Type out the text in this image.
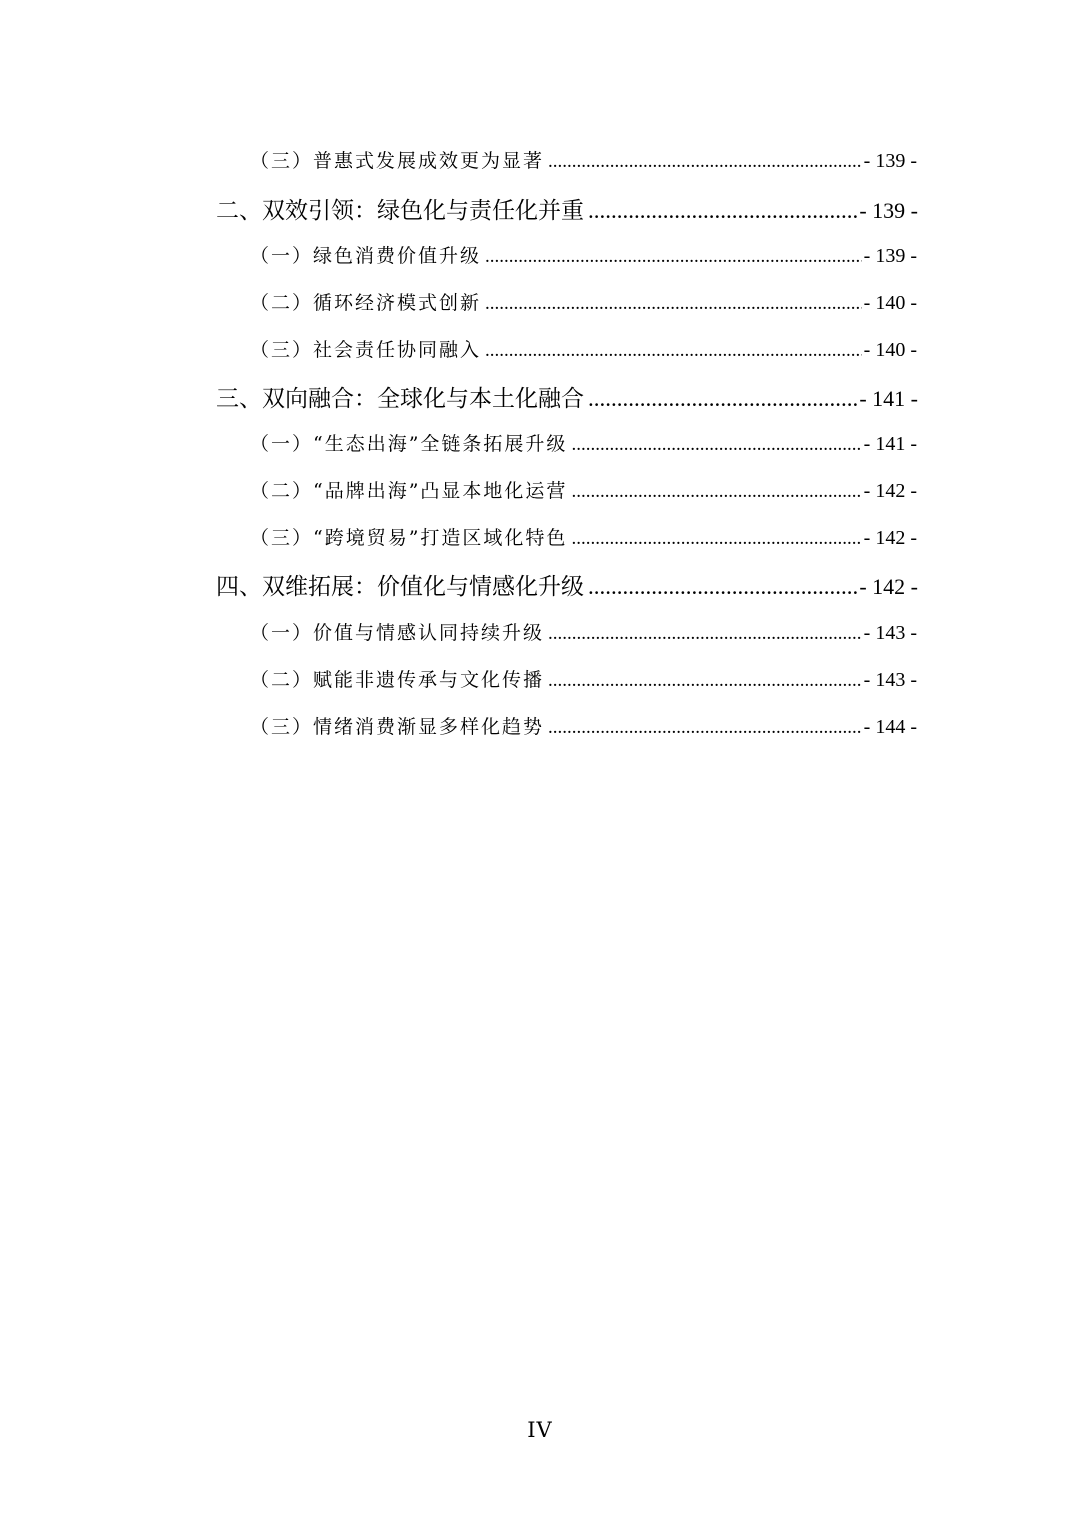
（三）普惠式发展成效更为显著 .....	- 139 -
二、双效引领：绿色化与责任化并重 .....	- 139 -
（一）绿色消费价值升级 .....	- 139 -
（二）循环经济模式创新 .....	- 140 -
（三）社会责任协同融入 .....	- 140 -
三、双向融合：全球化与本土化融合 .....	- 141 -
（一）“生态出海”全链条拓展升级 .....	- 141 -
（二）“品牌出海”凸显本地化运营 .....	- 142 -
（三）“跨境贸易”打造区域化特色 .....	- 142 -
四、双维拓展：价值化与情感化升级 .....	- 142 -
（一）价值与情感认同持续升级 .....	- 143 -
（二）赋能非遗传承与文化传播 .....	- 143 -
（三）情绪消费渐显多样化趋势 .....	- 144 -
IV
